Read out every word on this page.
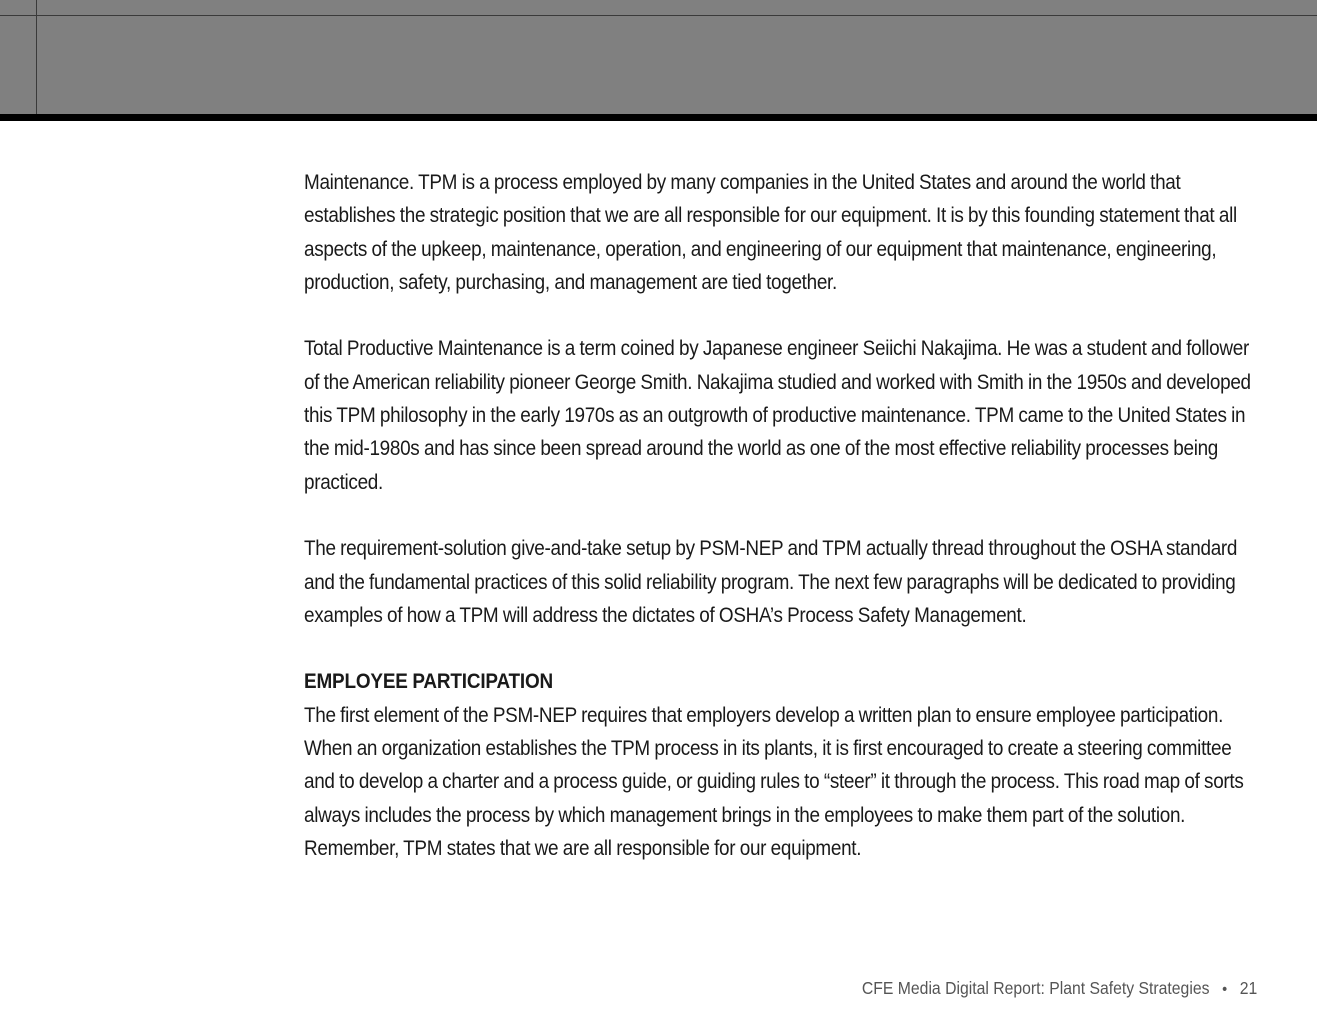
Maintenance. TPM is a process employed by many companies in the United States and around the world that establishes the strategic position that we are all responsible for our equipment. It is by this founding statement that all aspects of the upkeep, maintenance, operation, and engineering of our equipment that maintenance, engineering, production, safety, purchasing, and management are tied together.

Total Productive Maintenance is a term coined by Japanese engineer Seiichi Nakajima. He was a student and follower of the American reliability pioneer George Smith. Nakajima studied and worked with Smith in the 1950s and developed this TPM philosophy in the early 1970s as an outgrowth of productive maintenance. TPM came to the United States in the mid-1980s and has since been spread around the world as one of the most effective reliability processes being practiced.

The requirement-solution give-and-take setup by PSM-NEP and TPM actually thread throughout the OSHA standard and the fundamental practices of this solid reliability program. The next few paragraphs will be dedicated to providing examples of how a TPM will address the dictates of OSHA’s Process Safety Management.

EMPLOYEE PARTICIPATION

The first element of the PSM-NEP requires that employers develop a written plan to ensure employee participation. When an organization establishes the TPM process in its plants, it is first encouraged to create a steering committee and to develop a charter and a process guide, or guiding rules to “steer” it through the process. This road map of sorts always includes the process by which management brings in the employees to make them part of the solution. Remember, TPM states that we are all responsible for our equipment.

CFE Media Digital Report: Plant Safety Strategies • 21
